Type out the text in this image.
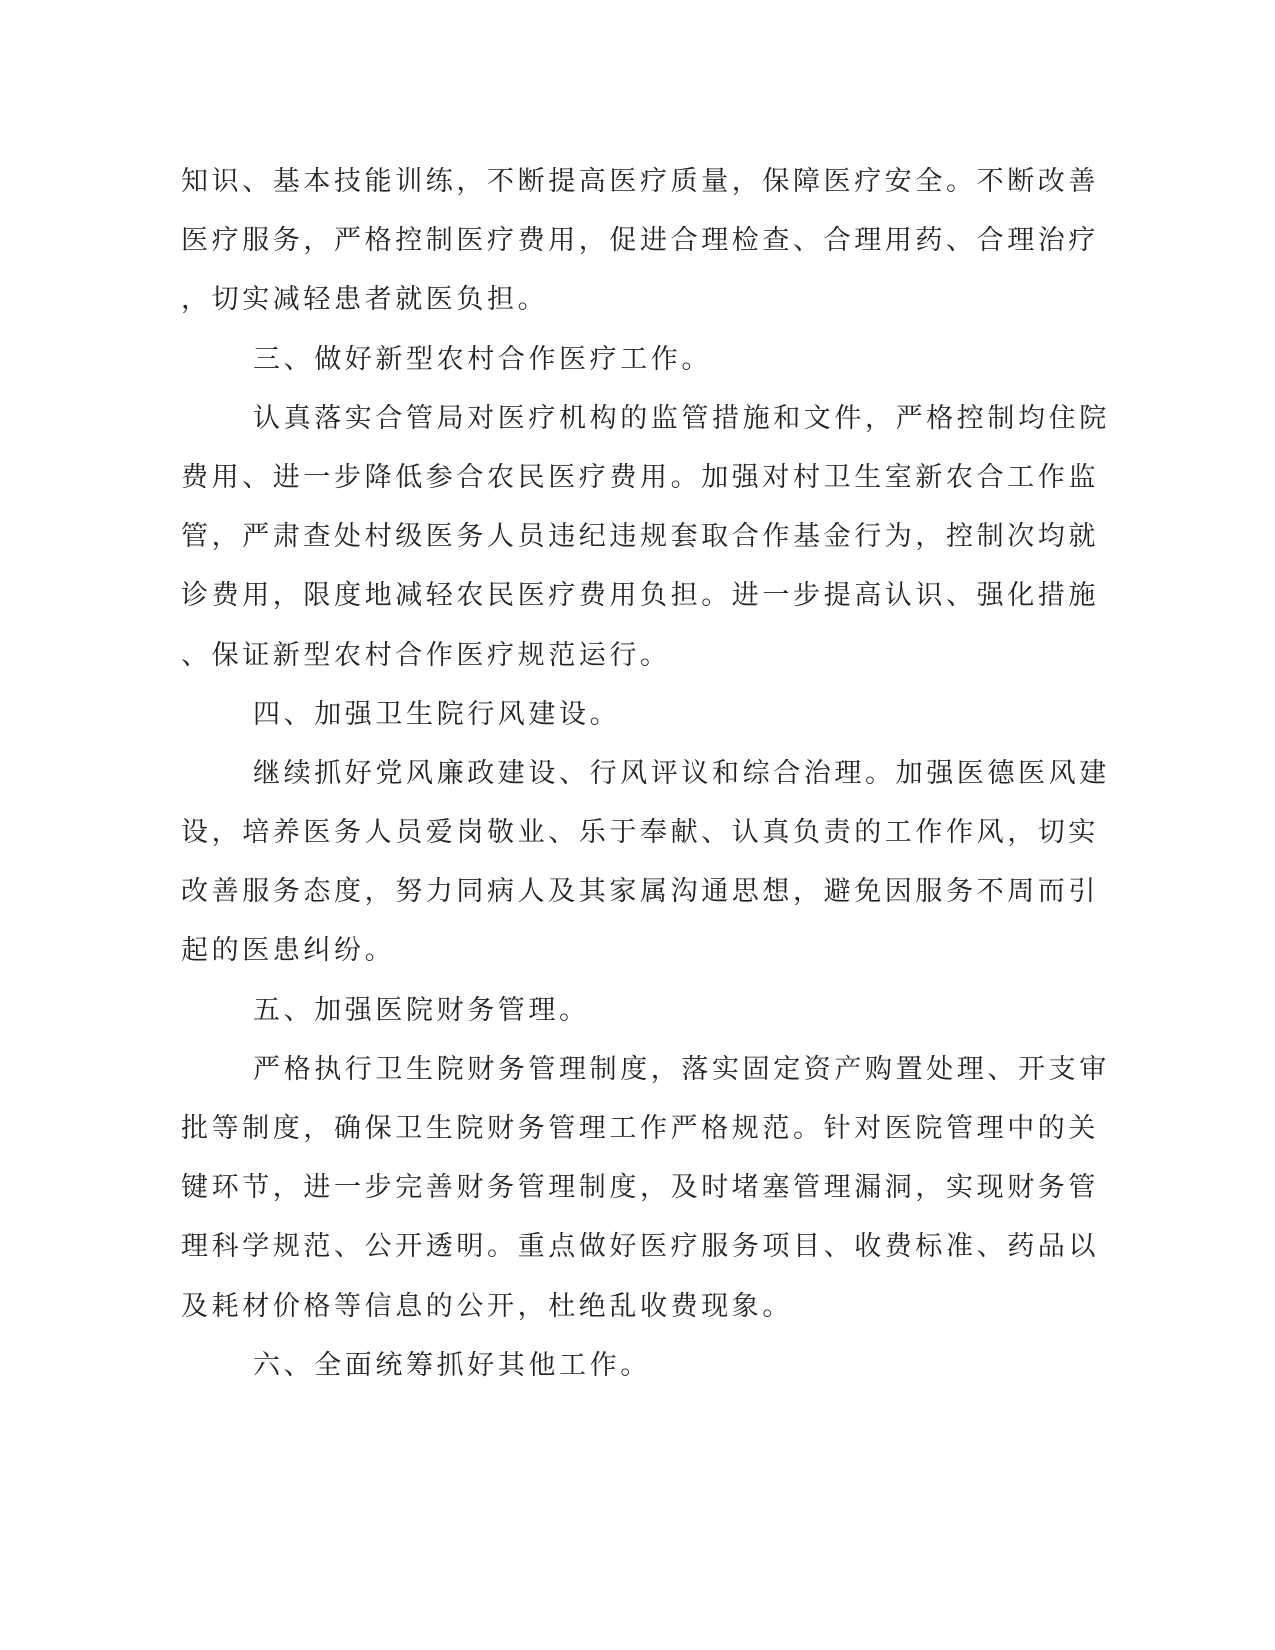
知识、基本技能训练，不断提高医疗质量，保障医疗安全。不断改善
医疗服务，严格控制医疗费用，促进合理检查、合理用药、合理治疗
，切实减轻患者就医负担。
三、做好新型农村合作医疗工作。
认真落实合管局对医疗机构的监管措施和文件，严格控制均住院
费用、进一步降低参合农民医疗费用。加强对村卫生室新农合工作监
管，严肃查处村级医务人员违纪违规套取合作基金行为，控制次均就
诊费用，限度地减轻农民医疗费用负担。进一步提高认识、强化措施
、保证新型农村合作医疗规范运行。
四、加强卫生院行风建设。
继续抓好党风廉政建设、行风评议和综合治理。加强医德医风建
设，培养医务人员爱岗敬业、乐于奉献、认真负责的工作作风，切实
改善服务态度，努力同病人及其家属沟通思想，避免因服务不周而引
起的医患纠纷。
五、加强医院财务管理。
严格执行卫生院财务管理制度，落实固定资产购置处理、开支审
批等制度，确保卫生院财务管理工作严格规范。针对医院管理中的关
键环节，进一步完善财务管理制度，及时堵塞管理漏洞，实现财务管
理科学规范、公开透明。重点做好医疗服务项目、收费标准、药品以
及耗材价格等信息的公开，杜绝乱收费现象。
六、全面统筹抓好其他工作。
